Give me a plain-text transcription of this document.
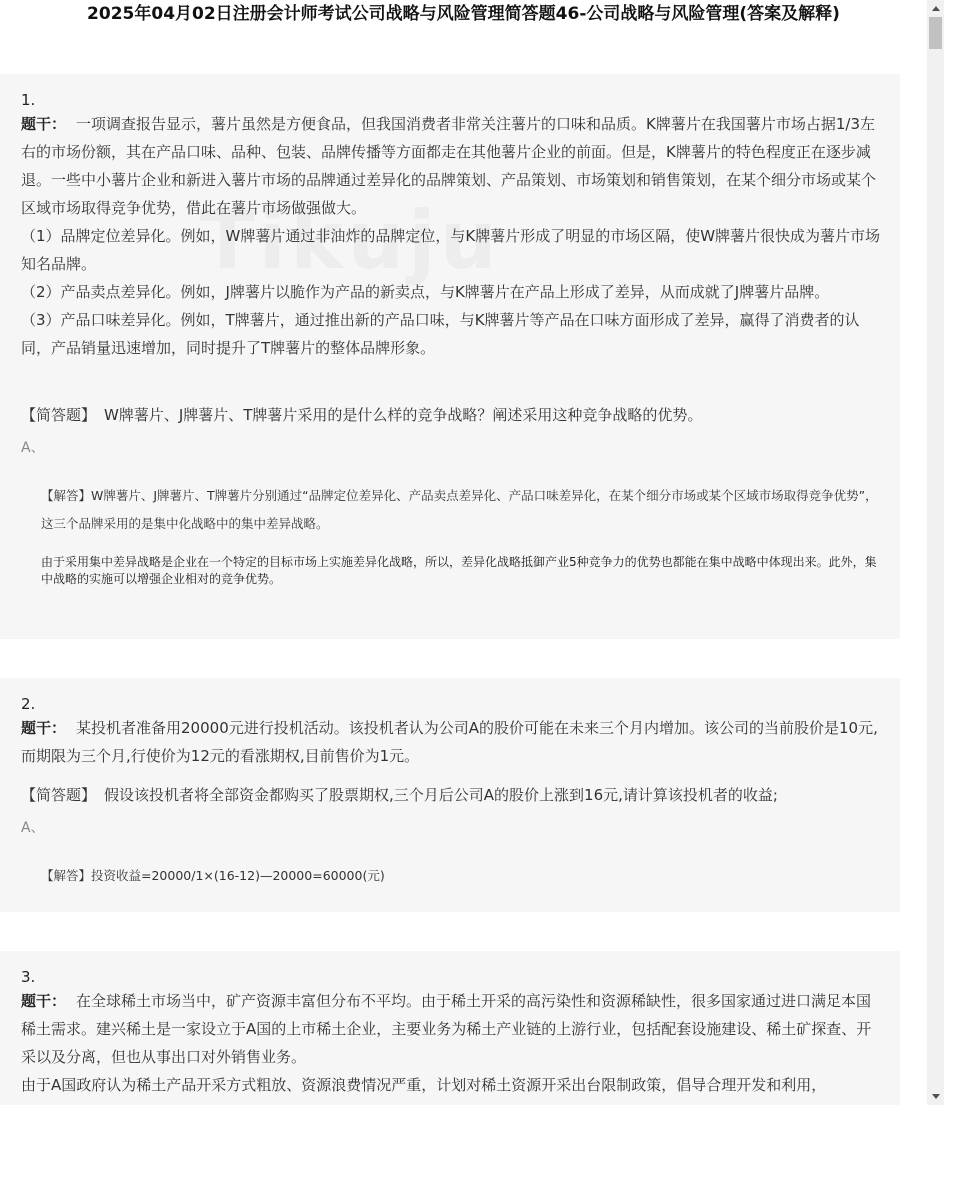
2025年04月02日注册会计师考试公司战略与风险管理简答题46-公司战略与风险管理(答案及解释)
1.

题干： 一项调查报告显示，薯片虽然是方便食品，但我国消费者非常关注薯片的口味和品质。K牌薯片在我国薯片市场占据1/3左右的市场份额，其在产品口味、品种、包装、品牌传播等方面都走在其他薯片企业的前面。但是，K牌薯片的特色程度正在逐步减退。一些中小薯片企业和新进入薯片市场的品牌通过差异化的品牌策划、产品策划、市场策划和销售策划，在某个细分市场或某个区域市场取得竞争优势，借此在薯片市场做强做大。

（1）品牌定位差异化。例如，W牌薯片通过非油炸的品牌定位，与K牌薯片形成了明显的市场区隔，使W牌薯片很快成为薯片市场知名品牌。

（2）产品卖点差异化。例如，J牌薯片以脆作为产品的新卖点，与K牌薯片在产品上形成了差异，从而成就了J牌薯片品牌。

（3）产品口味差异化。例如，T牌薯片，通过推出新的产品口味，与K牌薯片等产品在口味方面形成了差异，赢得了消费者的认同，产品销量迅速增加，同时提升了T牌薯片的整体品牌形象。

【简答题】 W牌薯片、J牌薯片、T牌薯片采用的是什么样的竞争战略？阐述采用这种竞争战略的优势。
A、
【解答】W牌薯片、J牌薯片、T牌薯片分别通过“品牌定位差异化、产品卖点差异化、产品口味差异化，在某个细分市场或某个区域市场取得竞争优势”，这三个品牌采用的是集中化战略中的集中差异战略。
由于采用集中差异战略是企业在一个特定的目标市场上实施差异化战略，所以，差异化战略抵御产业5种竞争力的优势也都能在集中战略中体现出来。此外，集中战略的实施可以增强企业相对的竞争优势。
2.

题干： 某投机者准备用20000元进行投机活动。该投机者认为公司A的股价可能在未来三个月内增加。该公司的当前股价是10元,而期限为三个月,行使价为12元的看涨期权,目前售价为1元。

【简答题】 假设该投机者将全部资金都购买了股票期权,三个月后公司A的股价上涨到16元,请计算该投机者的收益;
A、
【解答】投资收益=20000/1×(16-12)—20000=60000(元)
3.

题干： 在全球稀土市场当中，矿产资源丰富但分布不平均。由于稀土开采的高污染性和资源稀缺性，很多国家通过进口满足本国稀土需求。建兴稀土是一家设立于A国的上市稀土企业，主要业务为稀土产业链的上游行业，包括配套设施建设、稀土矿探查、开采以及分离，但也从事出口对外销售业务。

由于A国政府认为稀土产品开采方式粗放、资源浪费情况严重，计划对稀土资源开采出台限制政策，倡导合理开发和利用，
